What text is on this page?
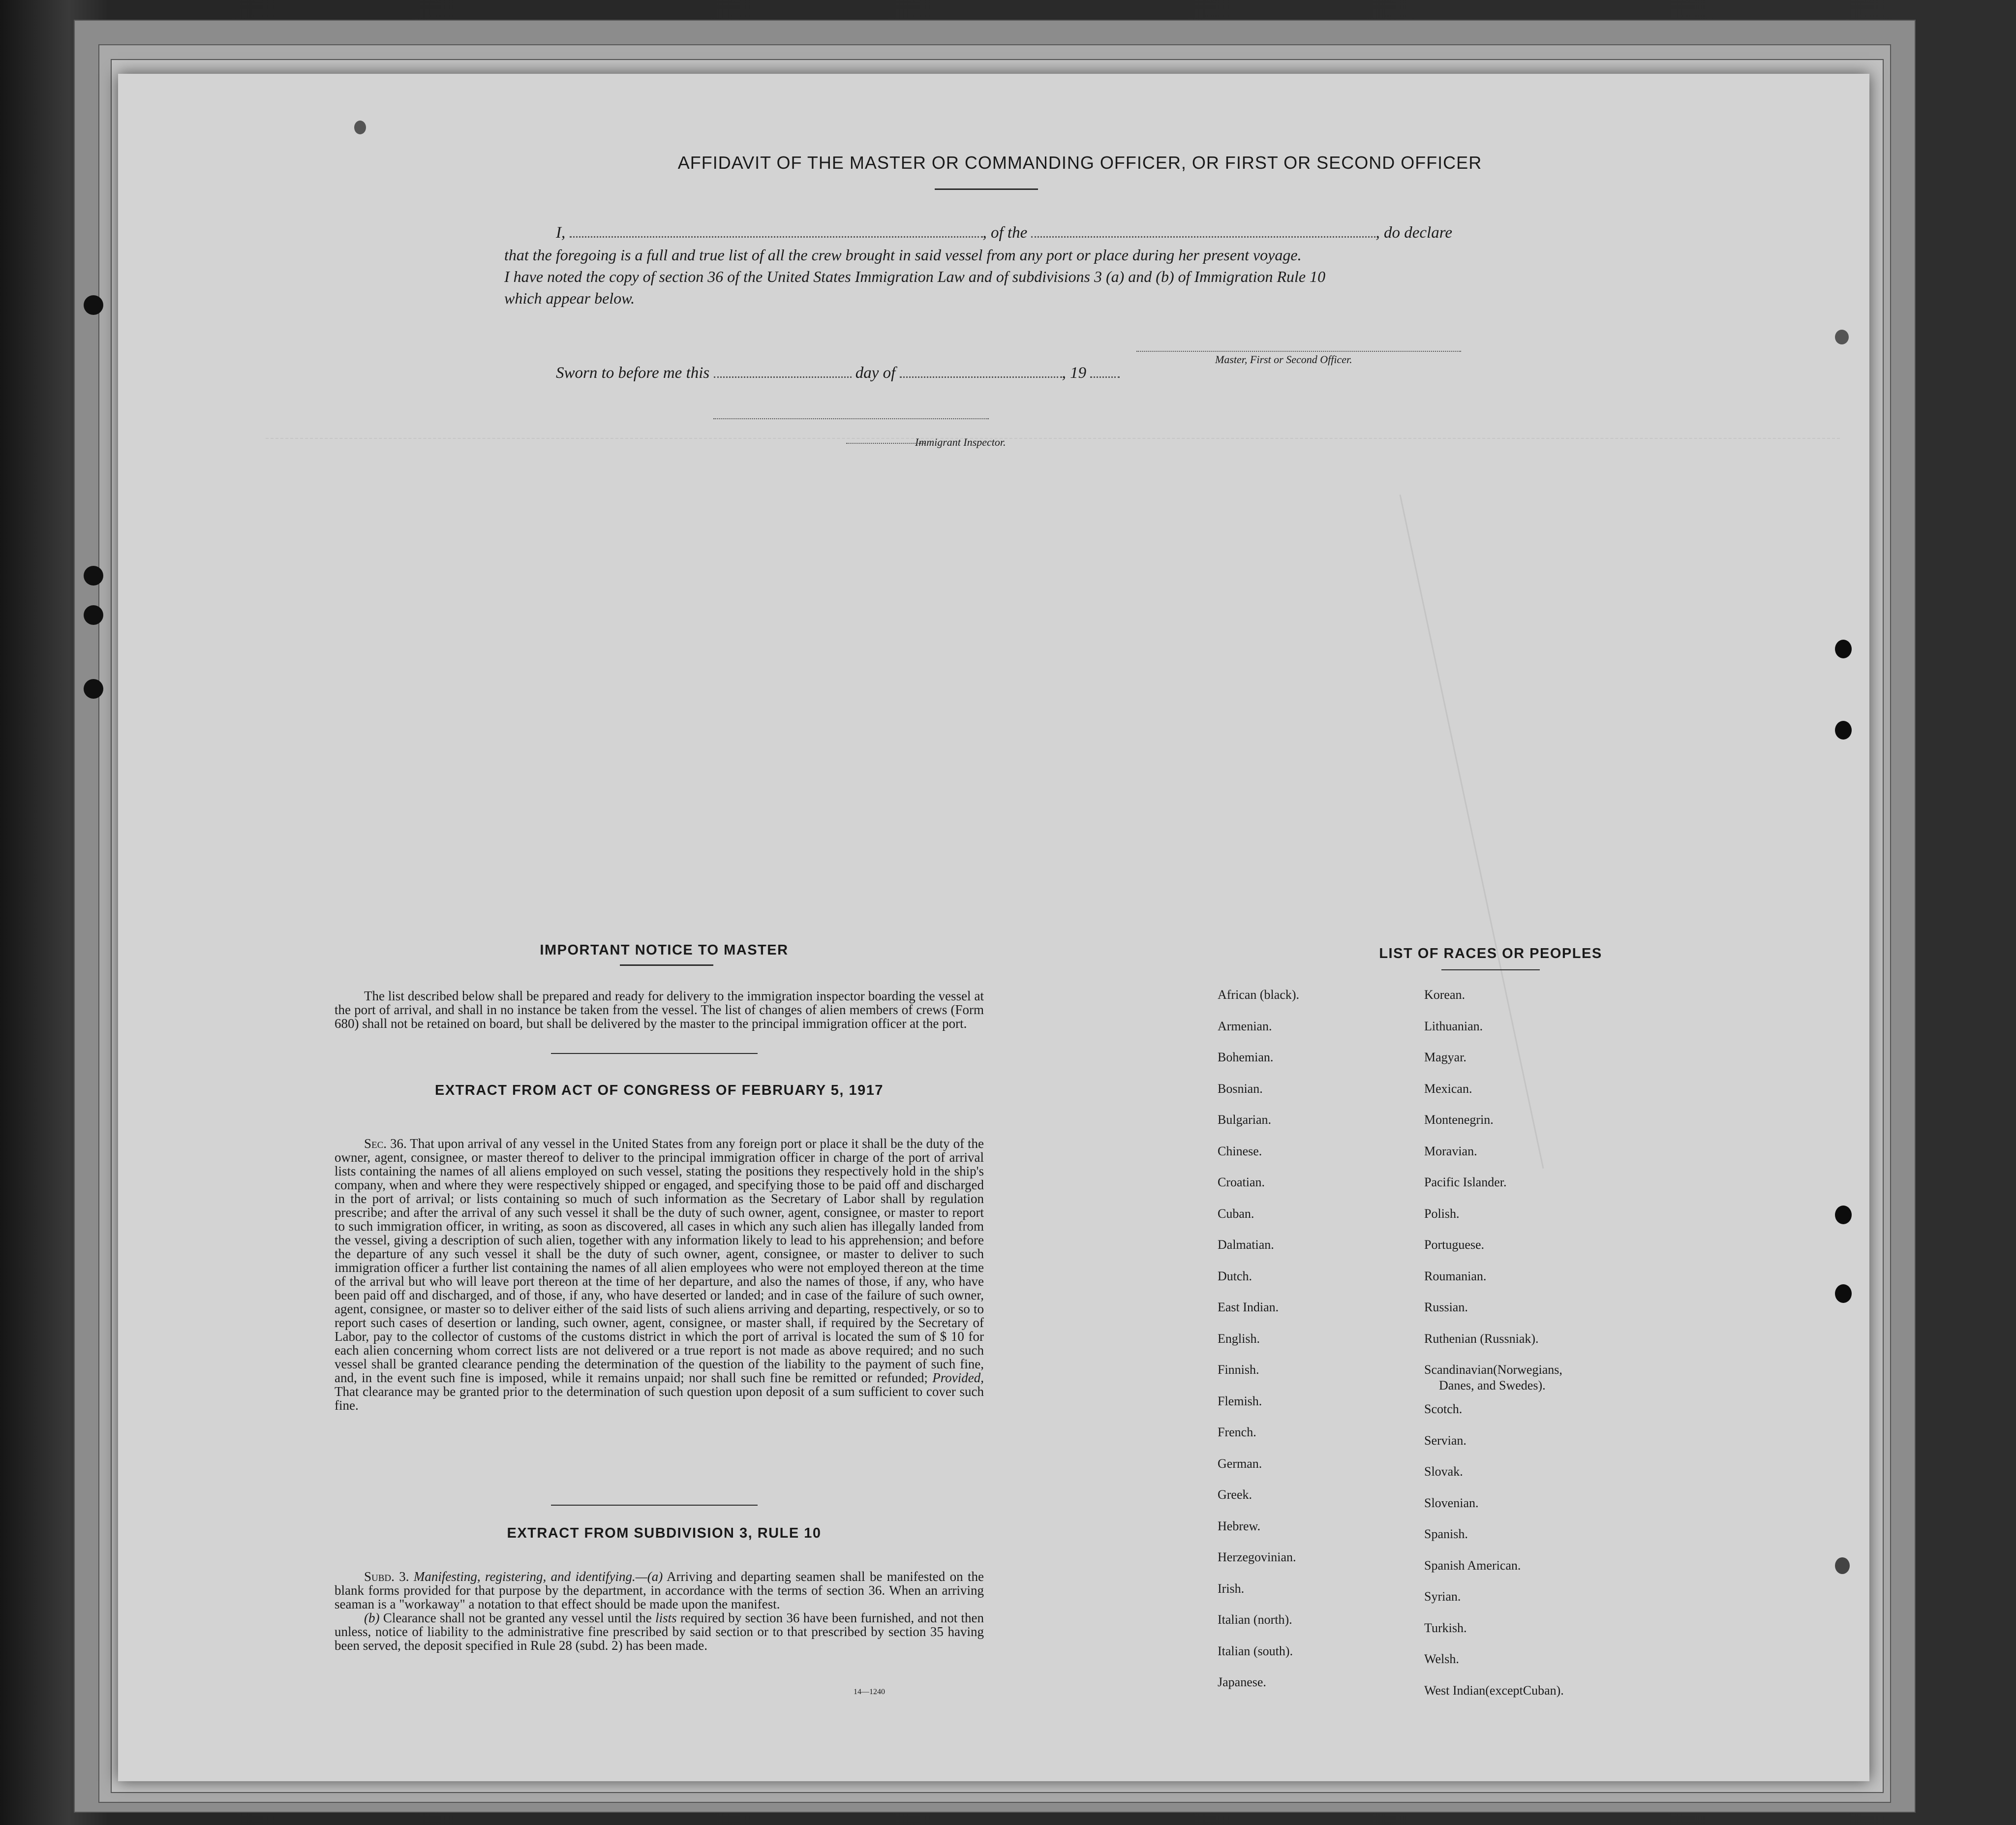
AFFIDAVIT OF THE MASTER OR COMMANDING OFFICER, OR FIRST OR SECOND OFFICER
I,	, of the	, do declare
that the foregoing is a full and true list of all the crew brought in said vessel from any port or place during her present voyage.
I have noted the copy of section 36 of the United States Immigration Law and of subdivisions 3 (a) and (b) of Immigration Rule 10
which appear below.
Master, First or Second Officer.
Sworn to before me this	day of	, 19
Immigrant Inspector.
IMPORTANT NOTICE TO MASTER
The list described below shall be prepared and ready for delivery to the immigration inspector boarding the vessel at the port of arrival, and shall in no instance be taken from the vessel. The list of changes of alien members of crews (Form 680) shall not be retained on board, but shall be delivered by the master to the principal immigration officer at the port.
EXTRACT FROM ACT OF CONGRESS OF FEBRUARY 5, 1917
Sec. 36. That upon arrival of any vessel in the United States from any foreign port or place it shall be the duty of the owner, agent, consignee, or master thereof to deliver to the principal immigration officer in charge of the port of arrival lists containing the names of all aliens employed on such vessel, stating the positions they respectively hold in the ship's company, when and where they were respectively shipped or engaged, and specifying those to be paid off and discharged in the port of arrival; or lists containing so much of such information as the Secretary of Labor shall by regulation prescribe; and after the arrival of any such vessel it shall be the duty of such owner, agent, consignee, or master to report to such immigration officer, in writing, as soon as discovered, all cases in which any such alien has illegally landed from the vessel, giving a description of such alien, together with any information likely to lead to his apprehension; and before the departure of any such vessel it shall be the duty of such owner, agent, consignee, or master to deliver to such immigration officer a further list containing the names of all alien employees who were not employed thereon at the time of the arrival but who will leave port thereon at the time of her departure, and also the names of those, if any, who have been paid off and discharged, and of those, if any, who have deserted or landed; and in case of the failure of such owner, agent, consignee, or master so to deliver either of the said lists of such aliens arriving and departing, respectively, or so to report such cases of desertion or landing, such owner, agent, consignee, or master shall, if required by the Secretary of Labor, pay to the collector of customs of the customs district in which the port of arrival is located the sum of $ 10 for each alien concerning whom correct lists are not delivered or a true report is not made as above required; and no such vessel shall be granted clearance pending the determination of the question of the liability to the payment of such fine, and, in the event such fine is imposed, while it remains unpaid; nor shall such fine be remitted or refunded; Provided, That clearance may be granted prior to the determination of such question upon deposit of a sum sufficient to cover such fine.
EXTRACT FROM SUBDIVISION 3, RULE 10
Subd. 3. Manifesting, registering, and identifying.—(a) Arriving and departing seamen shall be manifested on the blank forms provided for that purpose by the department, in accordance with the terms of section 36. When an arriving seaman is a "workaway" a notation to that effect should be made upon the manifest.
(b) Clearance shall not be granted any vessel until the lists required by section 36 have been furnished, and not then unless, notice of liability to the administrative fine prescribed by said section or to that prescribed by section 35 having been served, the deposit specified in Rule 28 (subd. 2) has been made.
14—1240
LIST OF RACES OR PEOPLES
African (black).
Armenian.
Bohemian.
Bosnian.
Bulgarian.
Chinese.
Croatian.
Cuban.
Dalmatian.
Dutch.
East Indian.
English.
Finnish.
Flemish.
French.
German.
Greek.
Hebrew.
Herzegovinian.
Irish.
Italian (north).
Italian (south).
Japanese.
Korean.
Lithuanian.
Magyar.
Mexican.
Montenegrin.
Moravian.
Pacific Islander.
Polish.
Portuguese.
Roumanian.
Russian.
Ruthenian (Russniak).
Scandinavian(Norwegians,
Danes, and Swedes).
Scotch.
Servian.
Slovak.
Slovenian.
Spanish.
Spanish American.
Syrian.
Turkish.
Welsh.
West Indian(exceptCuban).
